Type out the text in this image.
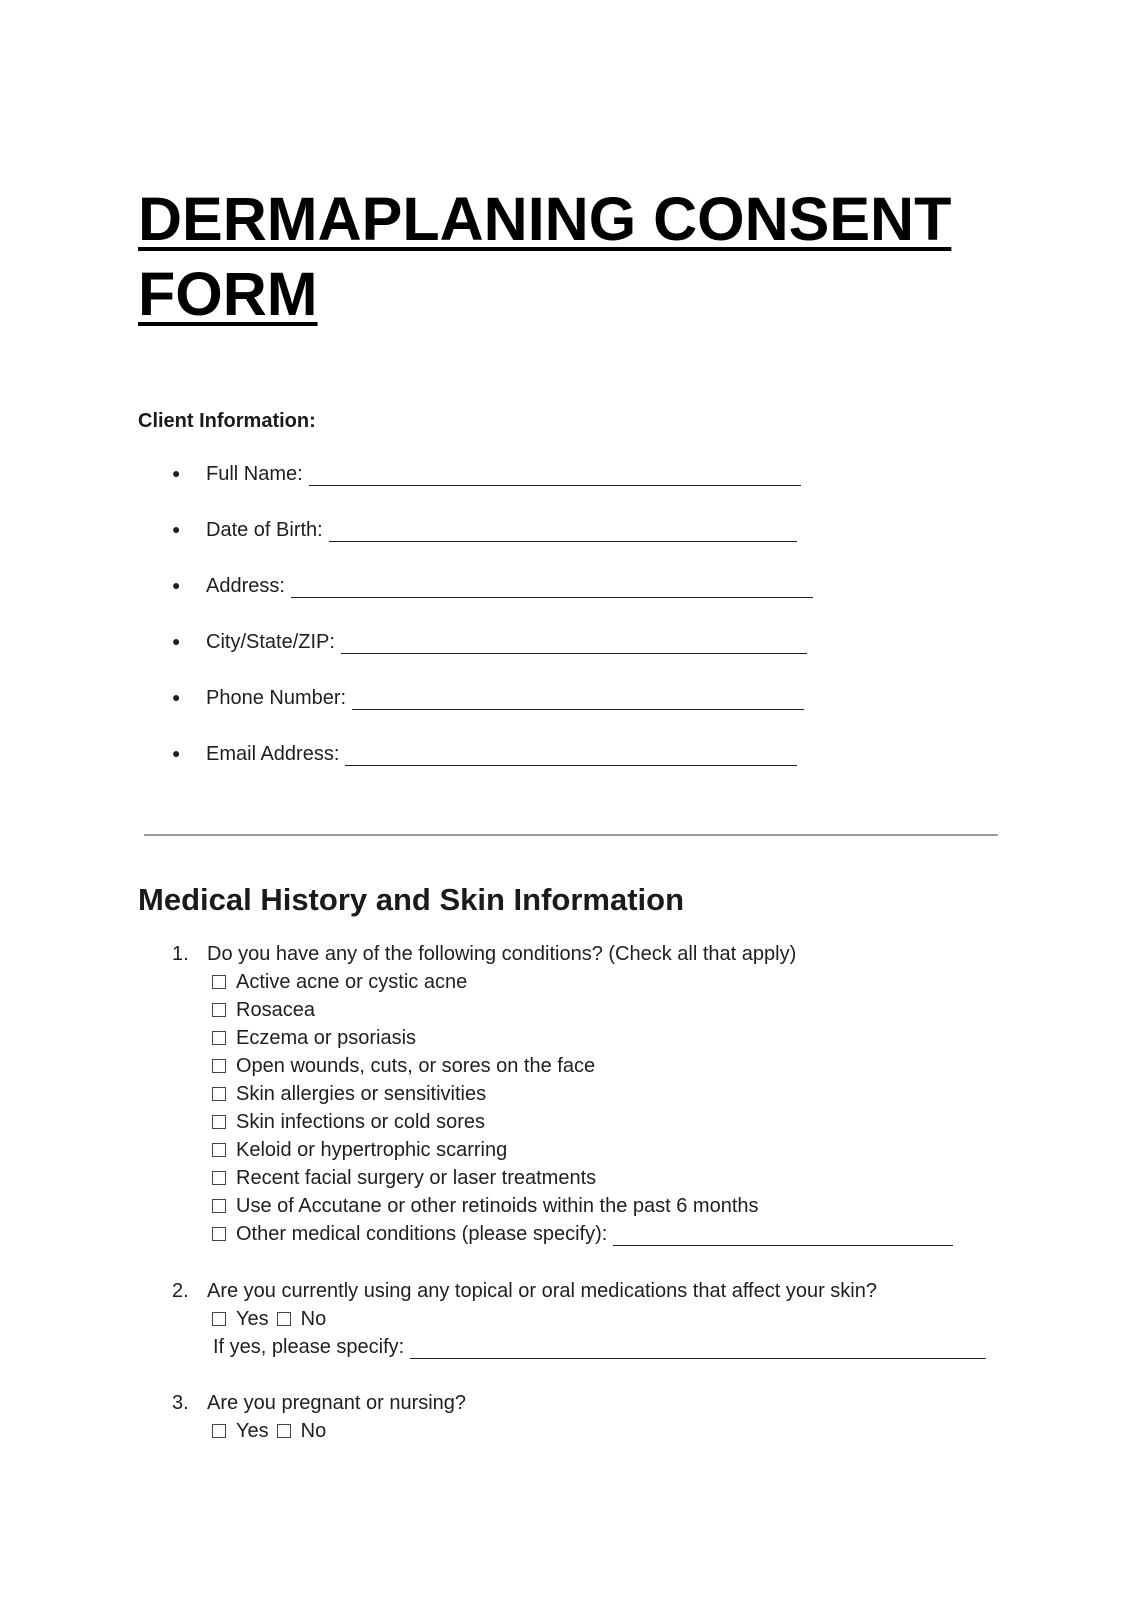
DERMAPLANING CONSENT FORM
Client Information:
● Full Name:
● Date of Birth:
● Address:
● City/State/ZIP:
● Phone Number:
● Email Address:
Medical History and Skin Information
1. Do you have any of the following conditions? (Check all that apply)
Active acne or cystic acne
Rosacea
Eczema or psoriasis
Open wounds, cuts, or sores on the face
Skin allergies or sensitivities
Skin infections or cold sores
Keloid or hypertrophic scarring
Recent facial surgery or laser treatments
Use of Accutane or other retinoids within the past 6 months
Other medical conditions (please specify):
2. Are you currently using any topical or oral medications that affect your skin?
Yes No
If yes, please specify:
3. Are you pregnant or nursing?
Yes No
